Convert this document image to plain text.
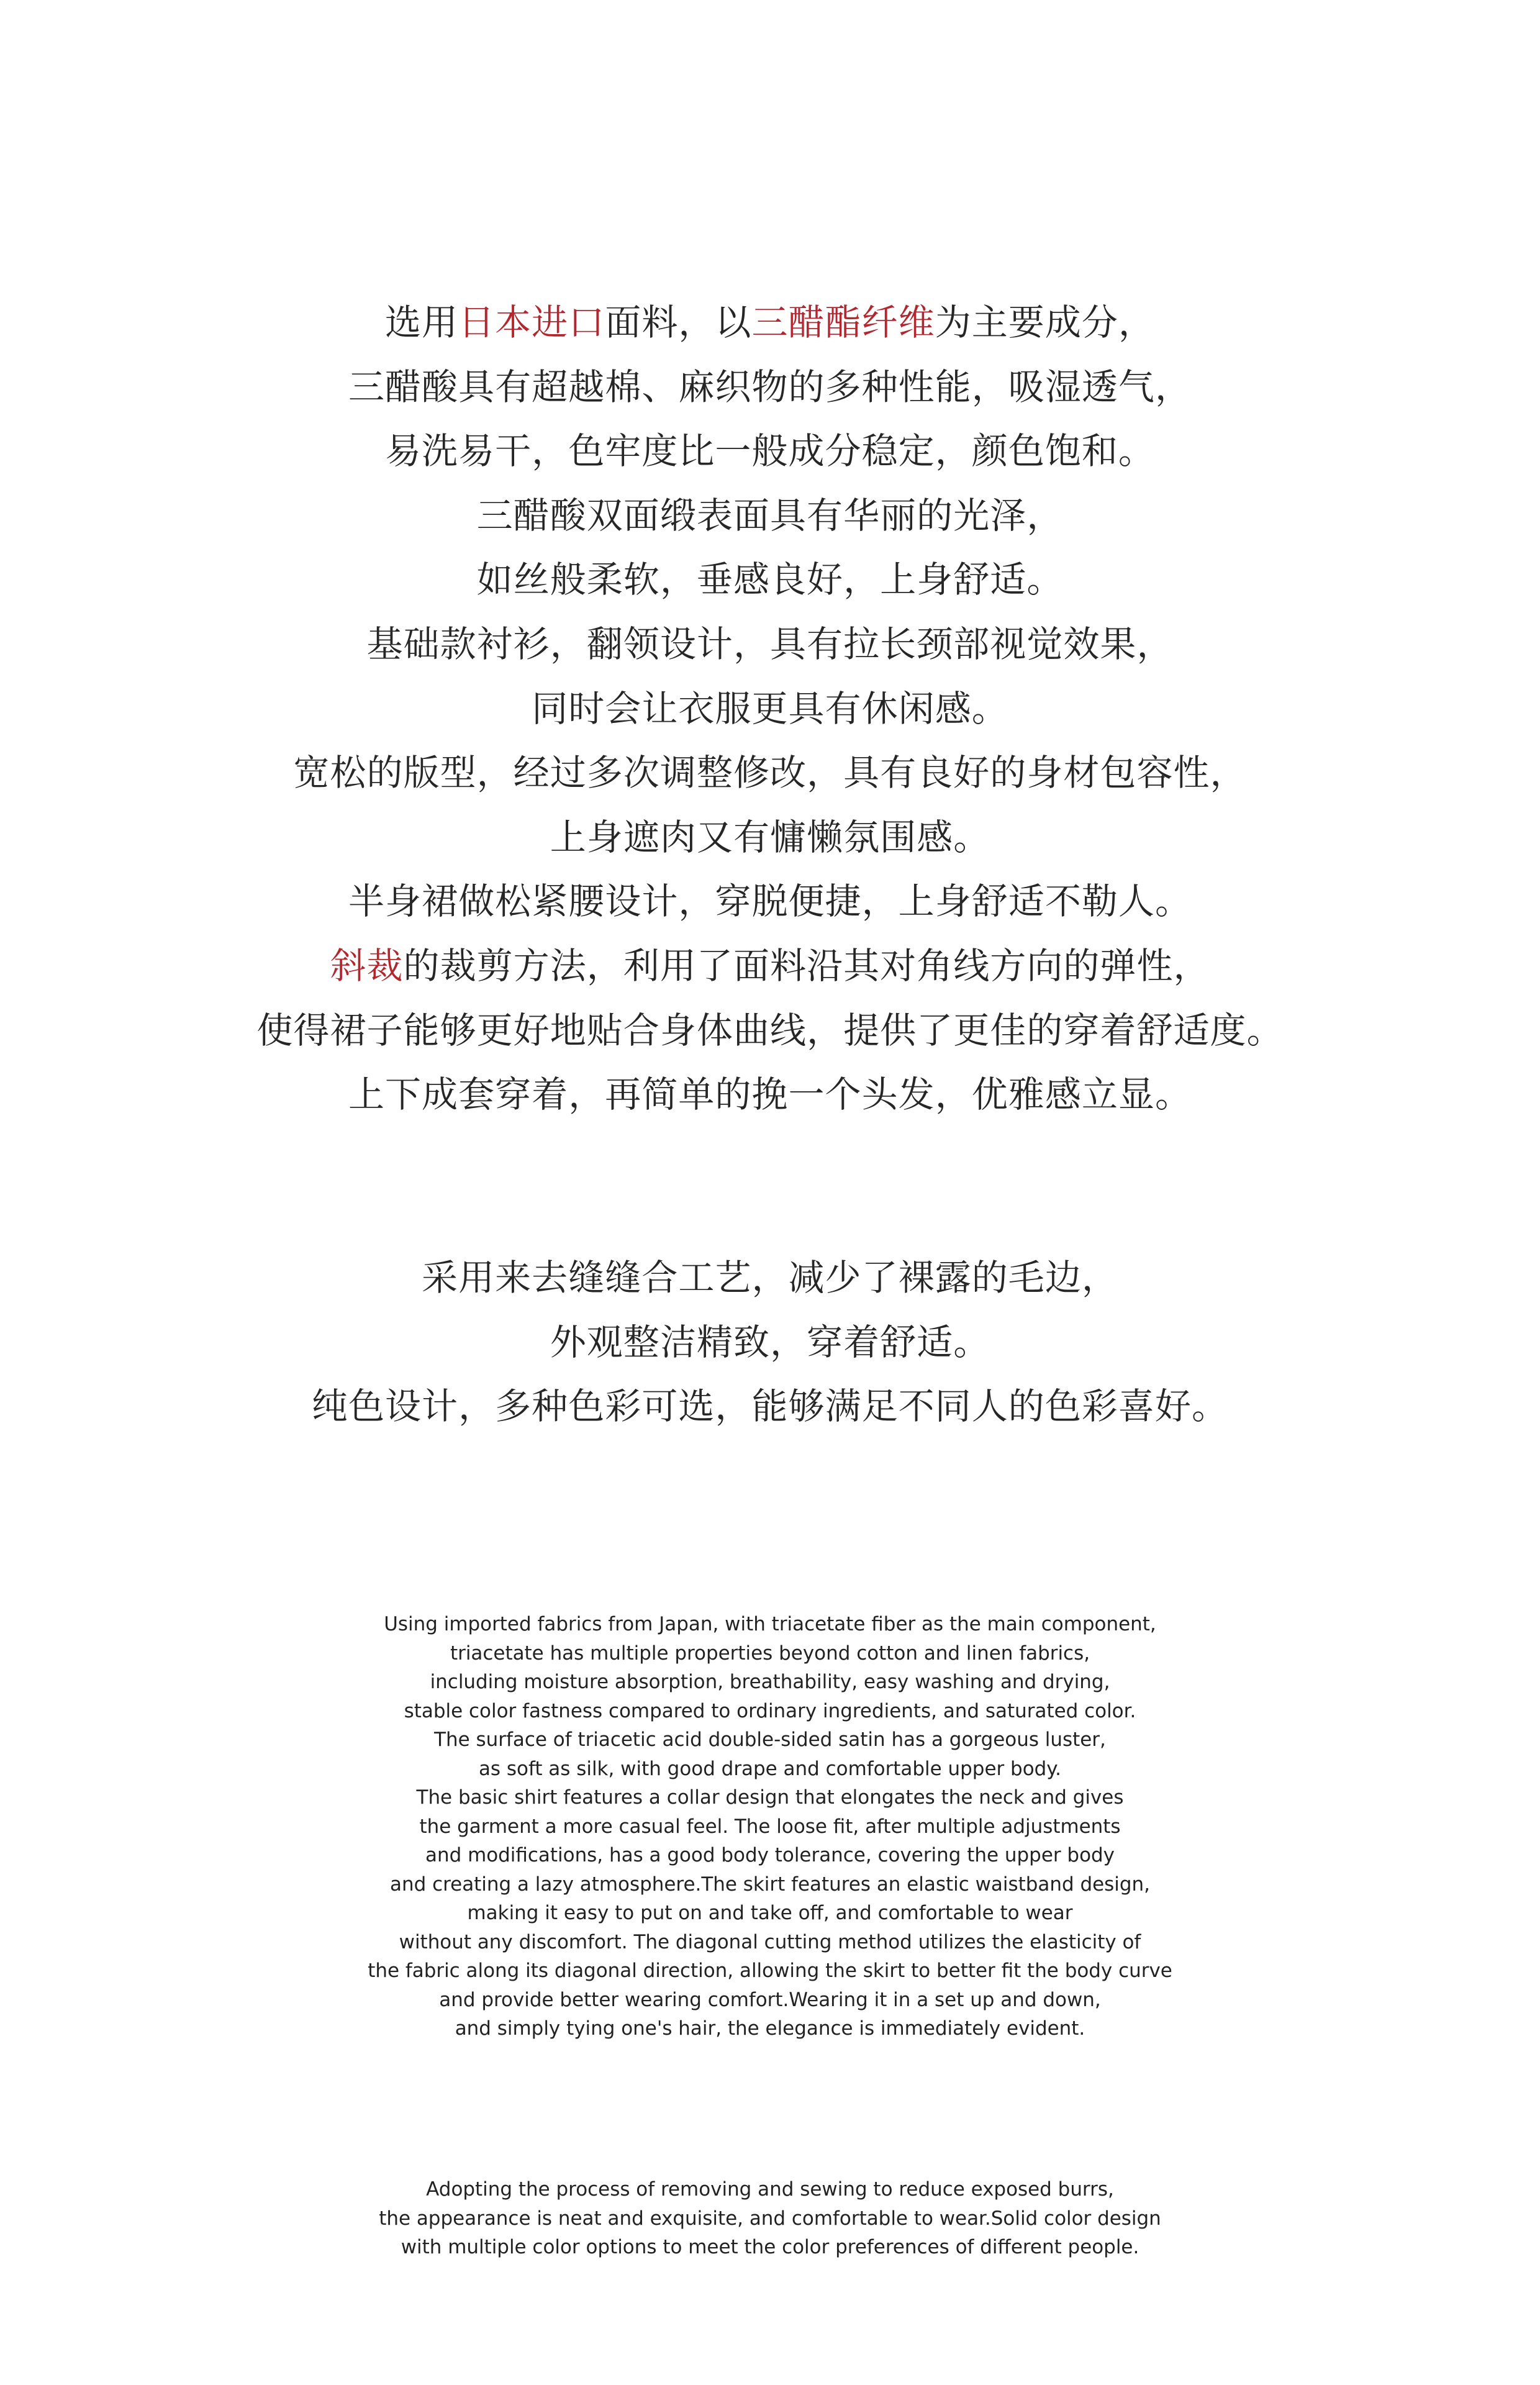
选用日本进口面料，以三醋酯纤维为主要成分，
三醋酸具有超越棉、麻织物的多种性能，吸湿透气，
易洗易干，色牢度比一般成分稳定，颜色饱和。
三醋酸双面缎表面具有华丽的光泽，
如丝般柔软，垂感良好，上身舒适。
基础款衬衫，翻领设计，具有拉长颈部视觉效果，
同时会让衣服更具有休闲感。
宽松的版型，经过多次调整修改，具有良好的身材包容性，
上身遮肉又有慵懒氛围感。
半身裙做松紧腰设计，穿脱便捷，上身舒适不勒人。
斜裁的裁剪方法，利用了面料沿其对角线方向的弹性，
使得裙子能够更好地贴合身体曲线，提供了更佳的穿着舒适度。
上下成套穿着，再简单的挽一个头发，优雅感立显。
采用来去缝缝合工艺，减少了裸露的毛边，
外观整洁精致，穿着舒适。
纯色设计，多种色彩可选，能够满足不同人的色彩喜好。
Using imported fabrics from Japan, with triacetate fiber as the main component,
triacetate has multiple properties beyond cotton and linen fabrics,
including moisture absorption, breathability, easy washing and drying,
stable color fastness compared to ordinary ingredients, and saturated color.
The surface of triacetic acid double-sided satin has a gorgeous luster,
as soft as silk, with good drape and comfortable upper body.
The basic shirt features a collar design that elongates the neck and gives
the garment a more casual feel. The loose fit, after multiple adjustments
and modifications, has a good body tolerance, covering the upper body
and creating a lazy atmosphere.The skirt features an elastic waistband design,
making it easy to put on and take off, and comfortable to wear
without any discomfort. The diagonal cutting method utilizes the elasticity of
the fabric along its diagonal direction, allowing the skirt to better fit the body curve
and provide better wearing comfort.Wearing it in a set up and down,
and simply tying one's hair, the elegance is immediately evident.
Adopting the process of removing and sewing to reduce exposed burrs,
the appearance is neat and exquisite, and comfortable to wear.Solid color design
with multiple color options to meet the color preferences of different people.
